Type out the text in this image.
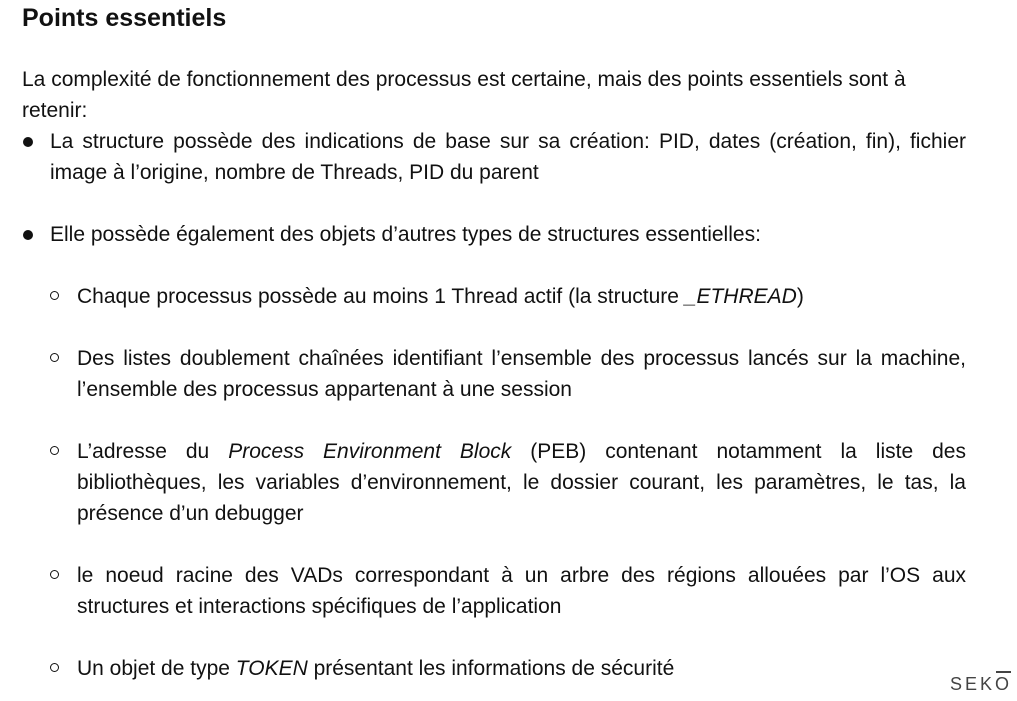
Points essentiels
La complexité de fonctionnement des processus est certaine, mais des points essentiels sont à retenir:
La structure possède des indications de base sur sa création: PID, dates (création, fin), fichier image à l’origine, nombre de Threads, PID du parent
Elle possède également des objets d’autres types de structures essentielles:
Chaque processus possède au moins 1 Thread actif (la structure _ETHREAD)
Des listes doublement chaînées identifiant l’ensemble des processus lancés sur la machine, l’ensemble des processus appartenant à une session
L’adresse du Process Environment Block (PEB) contenant notamment la liste des bibliothèques, les variables d’environnement, le dossier courant, les paramètres, le tas, la présence d’un debugger
le noeud racine des VADs correspondant à un arbre des régions allouées par l’OS aux structures et interactions spécifiques de l’application
Un objet de type TOKEN présentant les informations de sécurité
SEKO
